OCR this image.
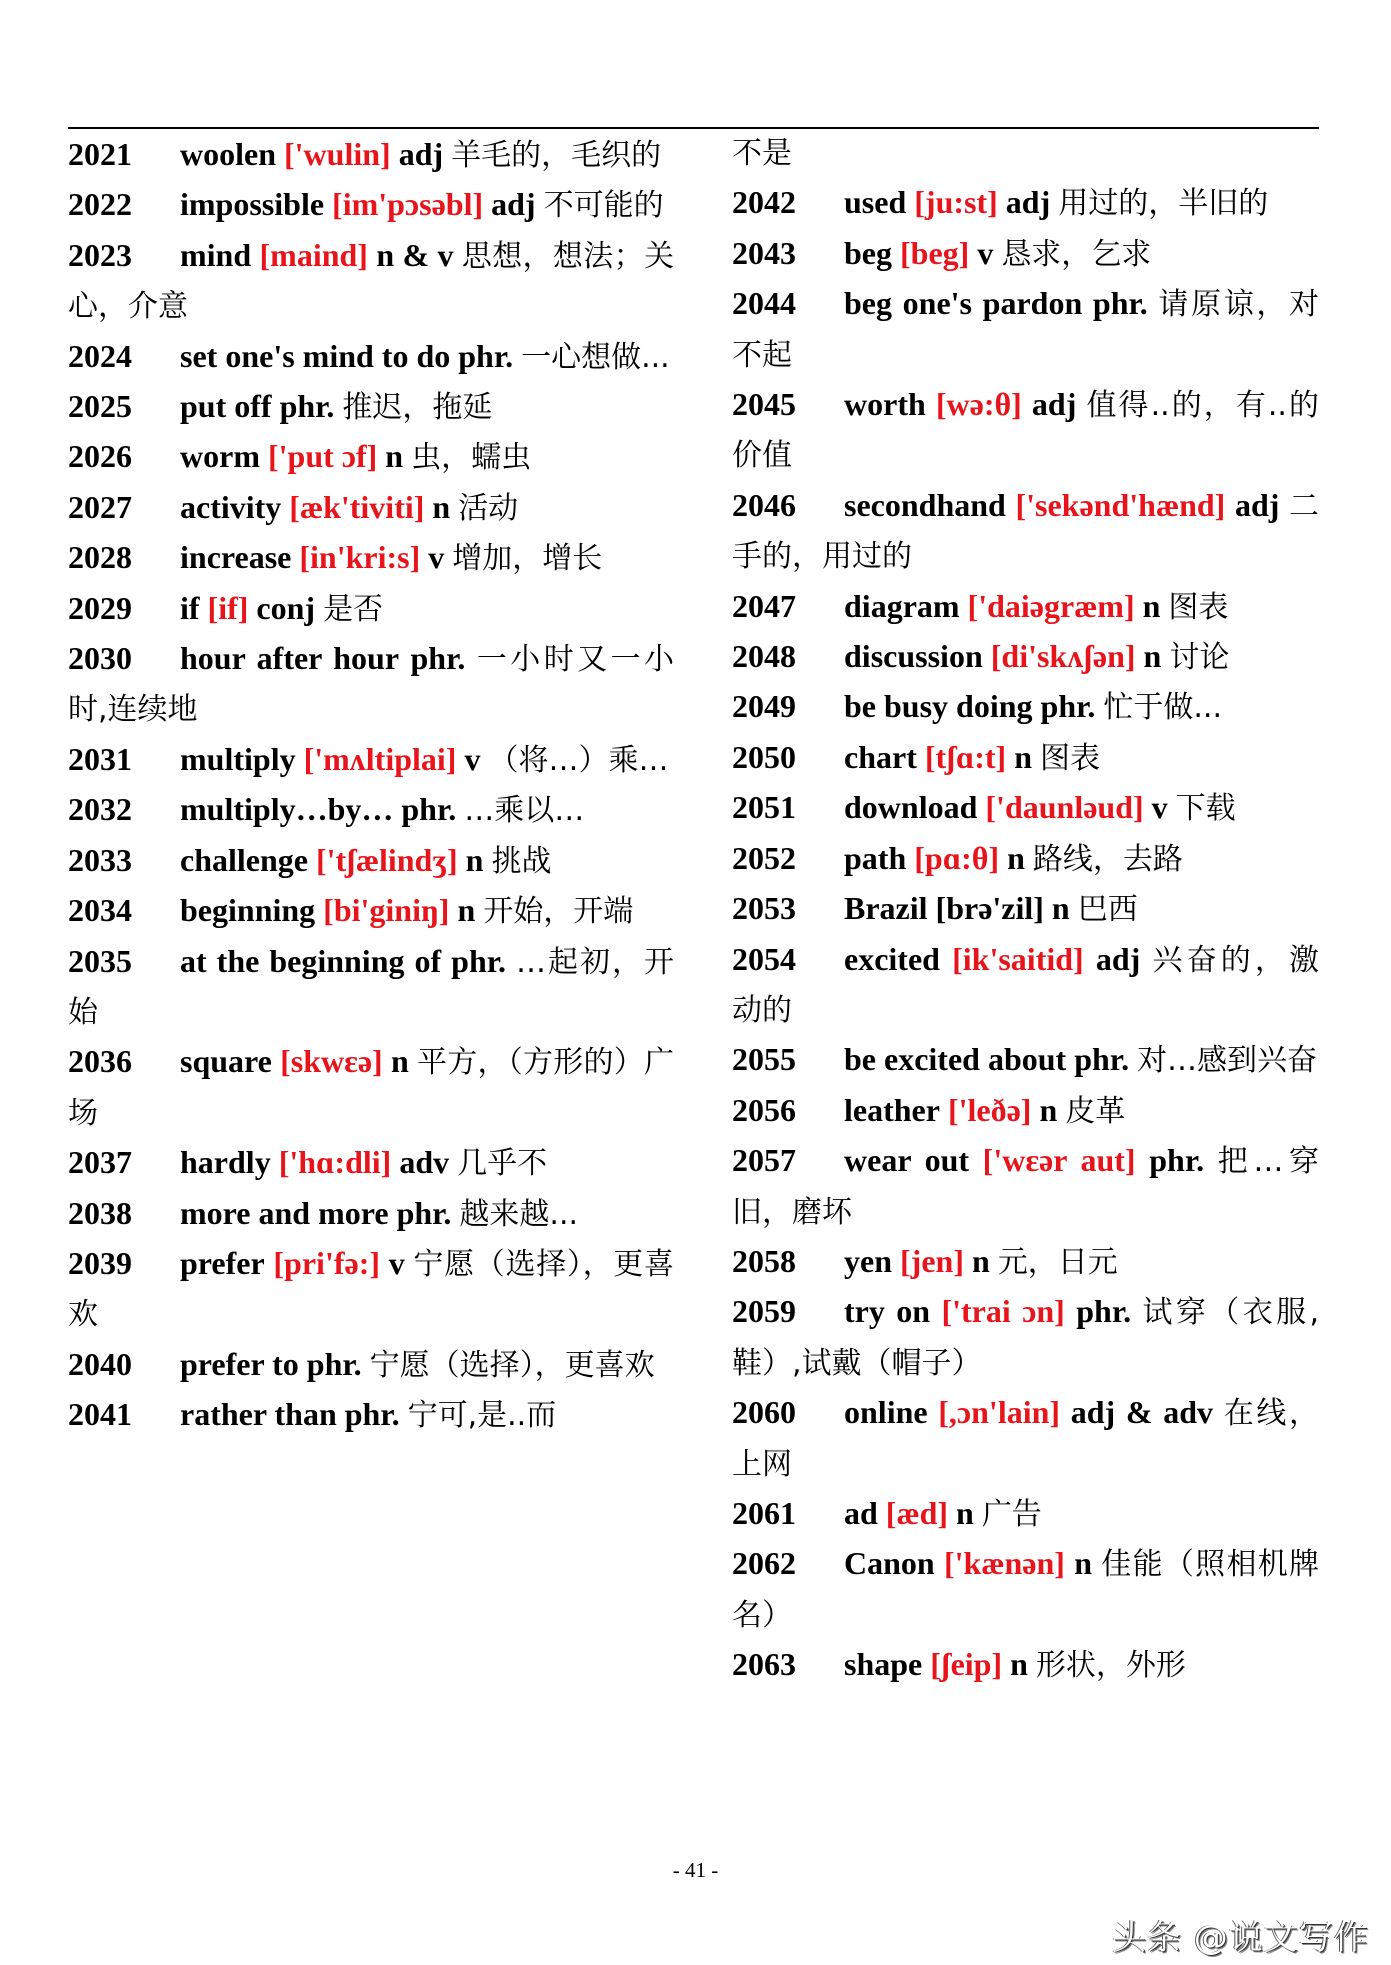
2021 woolen ['wulin] adj 羊毛的，毛织的

2022 impossible [im'pɔsəbl] adj 不可能的

2023 mind [maind] n & v 思想，想法；关心，介意

2024 set one's mind to do phr. 一心想做...

2025 put off phr. 推迟，拖延

2026 worm ['put ɔf] n 虫，蠕虫

2027 activity [æk'tiviti] n 活动

2028 increase [in'kri:s] v 增加，增长

2029 if [if] conj 是否

2030 hour after hour phr. 一小时又一小时,连续地

2031 multiply ['mʌltiplai] v （将…）乘…

2032 multiply…by… phr. …乘以…

2033 challenge ['tʃælindʒ] n 挑战

2034 beginning [bi'giniŋ] n 开始，开端

2035 at the beginning of phr. …起初，开始

2036 square [skwɛə] n 平方，（方形的）广场

2037 hardly ['hɑ:dli] adv 几乎不

2038 more and more phr. 越来越...

2039 prefer [pri'fə:] v 宁愿（选择），更喜欢

2040 prefer to phr. 宁愿（选择），更喜欢

2041 rather than phr. 宁可,是..而

不是

2042 used [ju:st] adj 用过的，半旧的

2043 beg [beg] v 恳求，乞求

2044 beg one's pardon phr. 请原谅，对不起

2045 worth [wə:θ] adj 值得..的，有..的价值

2046 secondhand ['sekənd'hænd] adj 二手的，用过的

2047 diagram ['daiəgræm] n 图表

2048 discussion [di'skʌʃən] n 讨论

2049 be busy doing phr. 忙于做...

2050 chart [tʃɑ:t] n 图表

2051 download ['daunləud] v 下载

2052 path [pɑ:θ] n 路线，去路

2053 Brazil [brə'zil] n 巴西

2054 excited [ik'saitid] adj 兴奋的，激动的

2055 be excited about phr. 对…感到兴奋

2056 leather ['leðə] n 皮革

2057 wear out ['wɛər aut] phr. 把…穿旧，磨坏

2058 yen [jen] n 元，日元

2059 try on ['trai ɔn] phr. 试穿（衣服,鞋）,试戴（帽子）

2060 online [,ɔn'lain] adj & adv 在线，上网

2061 ad [æd] n 广告

2062 Canon ['kænən] n 佳能（照相机牌名）

2063 shape [ʃeip] n 形状，外形

- 41 -
头条 @说文写作
